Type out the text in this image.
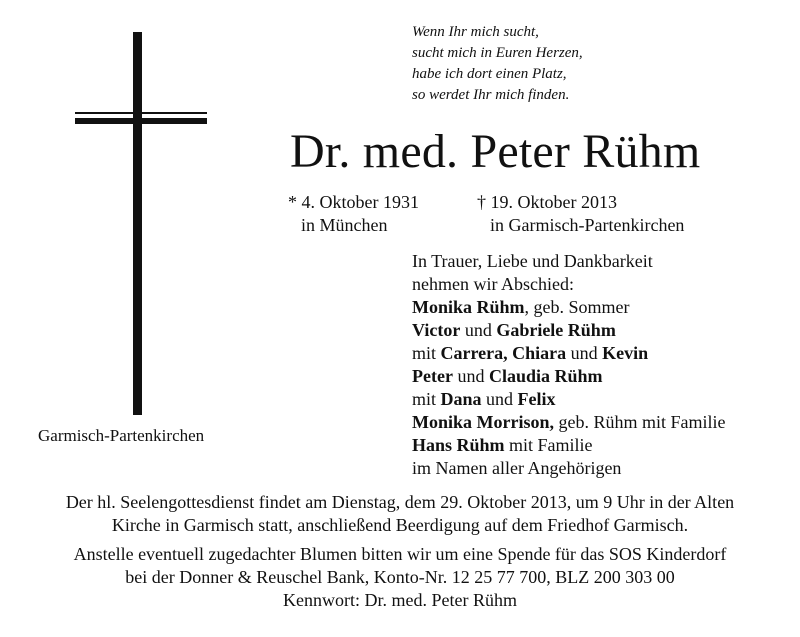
Wenn Ihr mich sucht,
sucht mich in Euren Herzen,
habe ich dort einen Platz,
so werdet Ihr mich finden.
Dr. med. Peter Rühm
* 4. Oktober 1931
in München
† 19. Oktober 2013
in Garmisch-Partenkirchen
In Trauer, Liebe und Dankbarkeit
nehmen wir Abschied:
Monika Rühm, geb. Sommer
Victor und Gabriele Rühm
mit Carrera, Chiara und Kevin
Peter und Claudia Rühm
mit Dana und Felix
Monika Morrison, geb. Rühm mit Familie
Hans Rühm mit Familie
im Namen aller Angehörigen
Garmisch-Partenkirchen
Der hl. Seelengottesdienst findet am Dienstag, dem 29. Oktober 2013, um 9 Uhr in der Alten
Kirche in Garmisch statt, anschließend Beerdigung auf dem Friedhof Garmisch.
Anstelle eventuell zugedachter Blumen bitten wir um eine Spende für das SOS Kinderdorf
bei der Donner & Reuschel Bank, Konto-Nr. 12 25 77 700, BLZ 200 303 00
Kennwort: Dr. med. Peter Rühm
